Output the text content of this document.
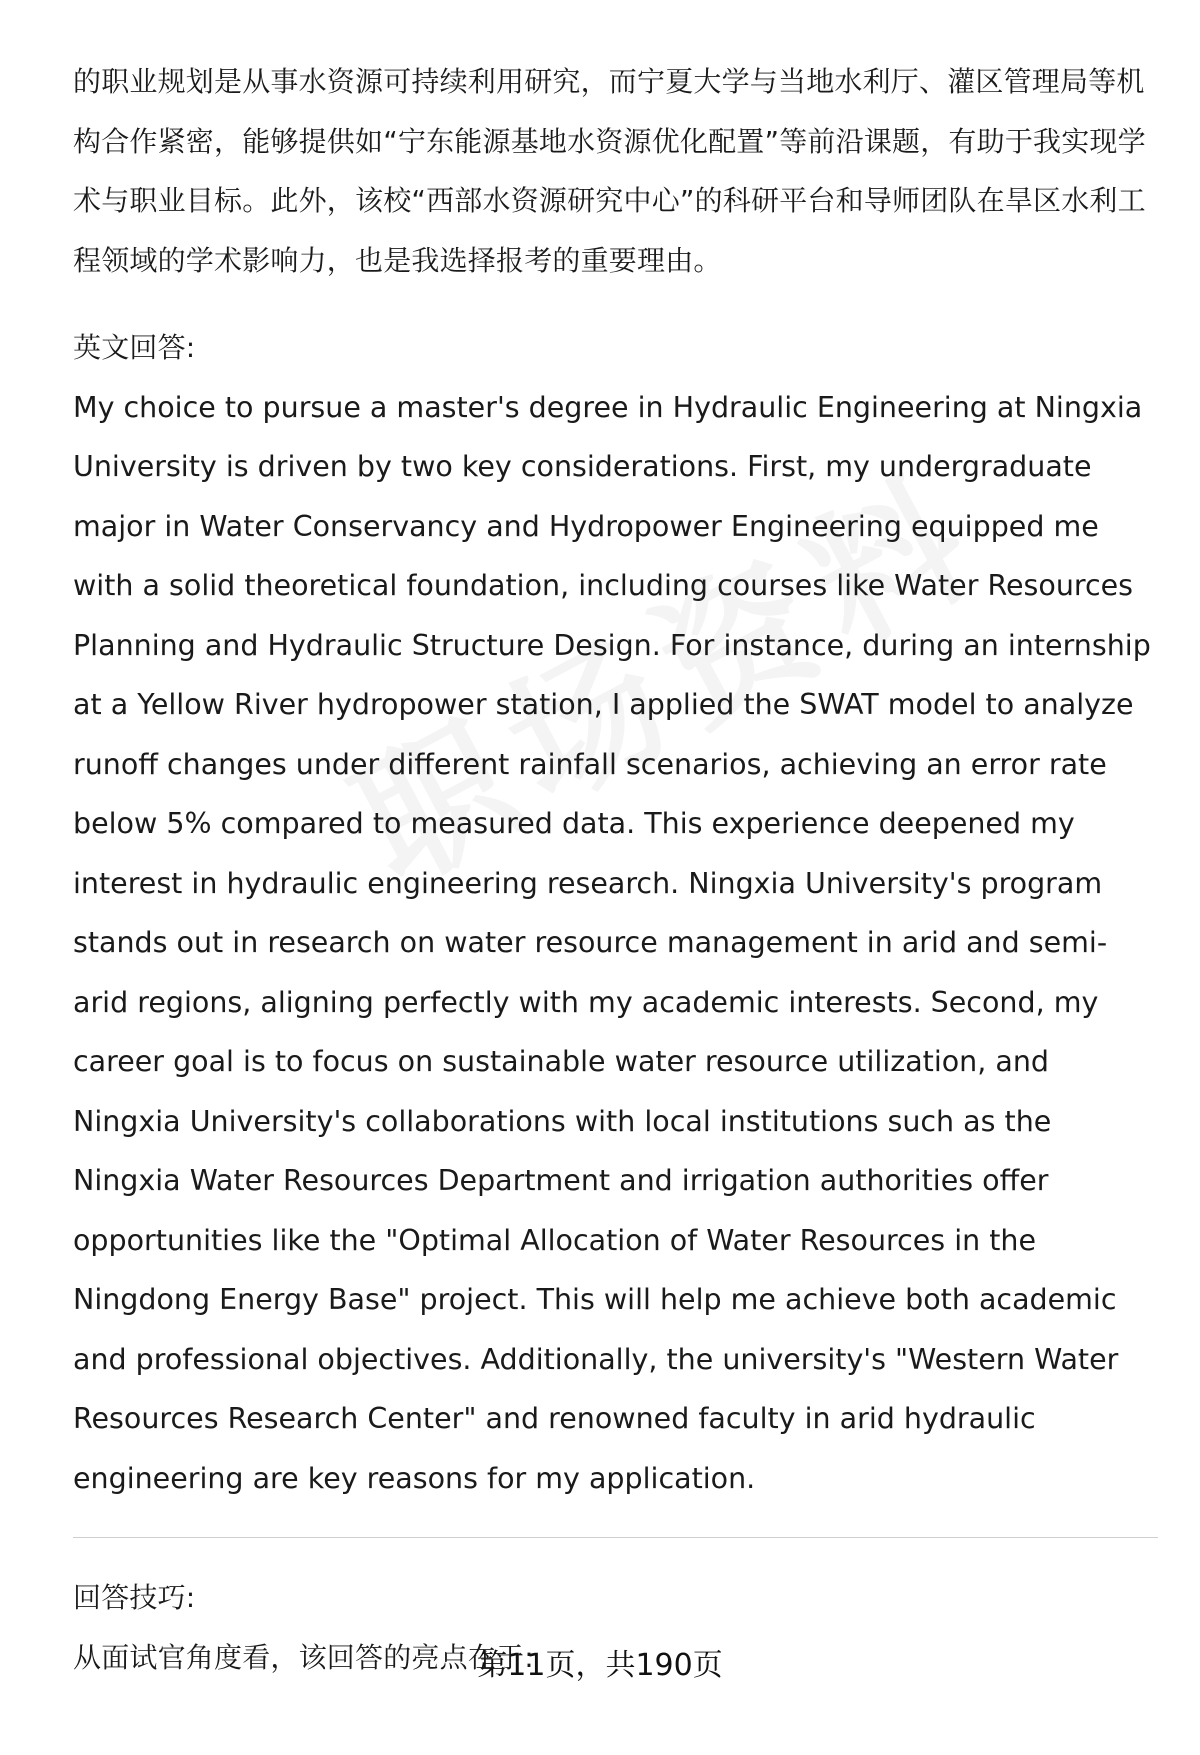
的职业规划是从事水资源可持续利用研究，而宁夏大学与当地水利厅、灌区管理局等机构合作紧密，能够提供如“宁东能源基地水资源优化配置”等前沿课题，有助于我实现学术与职业目标。此外，该校“西部水资源研究中心”的科研平台和导师团队在旱区水利工程领域的学术影响力，也是我选择报考的重要理由。

英文回答:

My choice to pursue a master's degree in Hydraulic Engineering at Ningxia University is driven by two key considerations. First, my undergraduate major in Water Conservancy and Hydropower Engineering equipped me with a solid theoretical foundation, including courses like Water Resources Planning and Hydraulic Structure Design. For instance, during an internship at a Yellow River hydropower station, I applied the SWAT model to analyze runoff changes under different rainfall scenarios, achieving an error rate below 5% compared to measured data. This experience deepened my interest in hydraulic engineering research. Ningxia University's program stands out in research on water resource management in arid and semi-arid regions, aligning perfectly with my academic interests. Second, my career goal is to focus on sustainable water resource utilization, and Ningxia University's collaborations with local institutions such as the Ningxia Water Resources Department and irrigation authorities offer opportunities like the "Optimal Allocation of Water Resources in the Ningdong Energy Base" project. This will help me achieve both academic and professional objectives. Additionally, the university's "Western Water Resources Research Center" and renowned faculty in arid hydraulic engineering are key reasons for my application.

回答技巧:

从面试官角度看，该回答的亮点在于:

第11页，共190页
